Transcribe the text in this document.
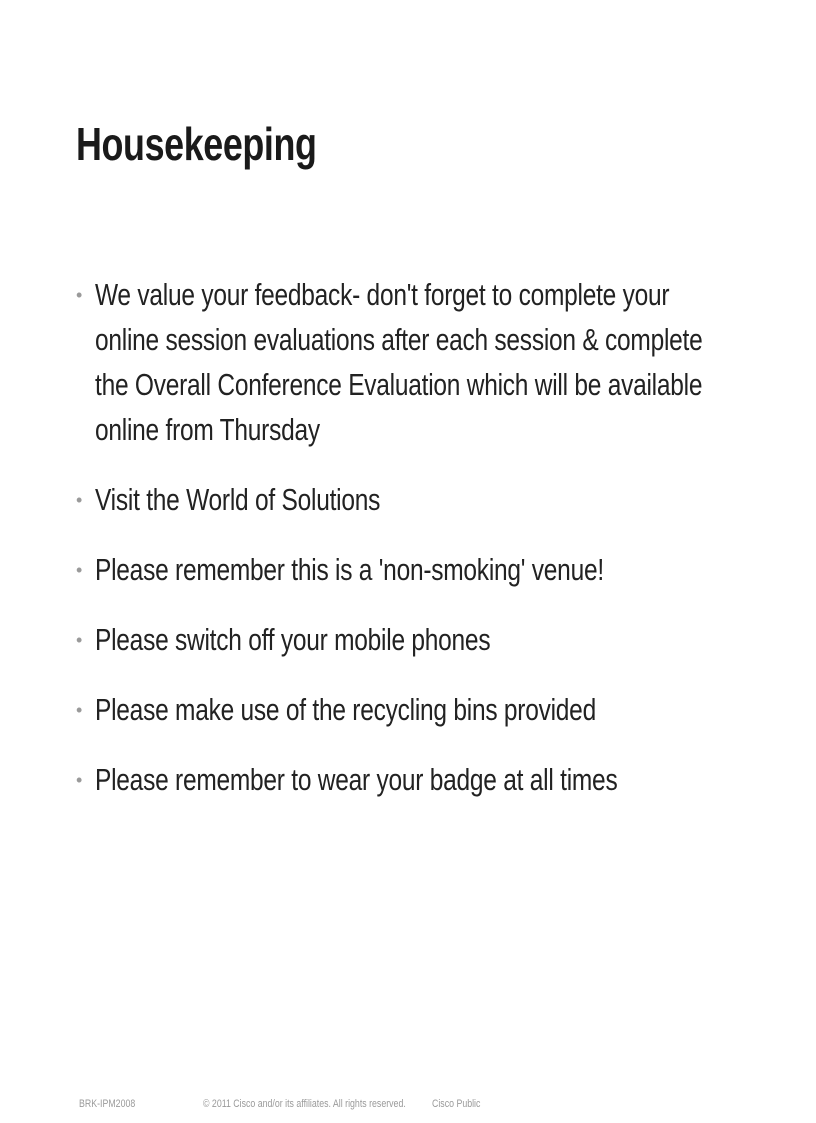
Housekeeping
• We value your feedback- don't forget to complete your online session evaluations after each session & complete the Overall Conference Evaluation which will be available online from Thursday
• Visit the World of Solutions
• Please remember this is a 'non-smoking' venue!
• Please switch off your mobile phones
• Please make use of the recycling bins provided
• Please remember to wear your badge at all times
BRK-IPM2008	© 2011 Cisco and/or its affiliates. All rights reserved. Cisco Public
